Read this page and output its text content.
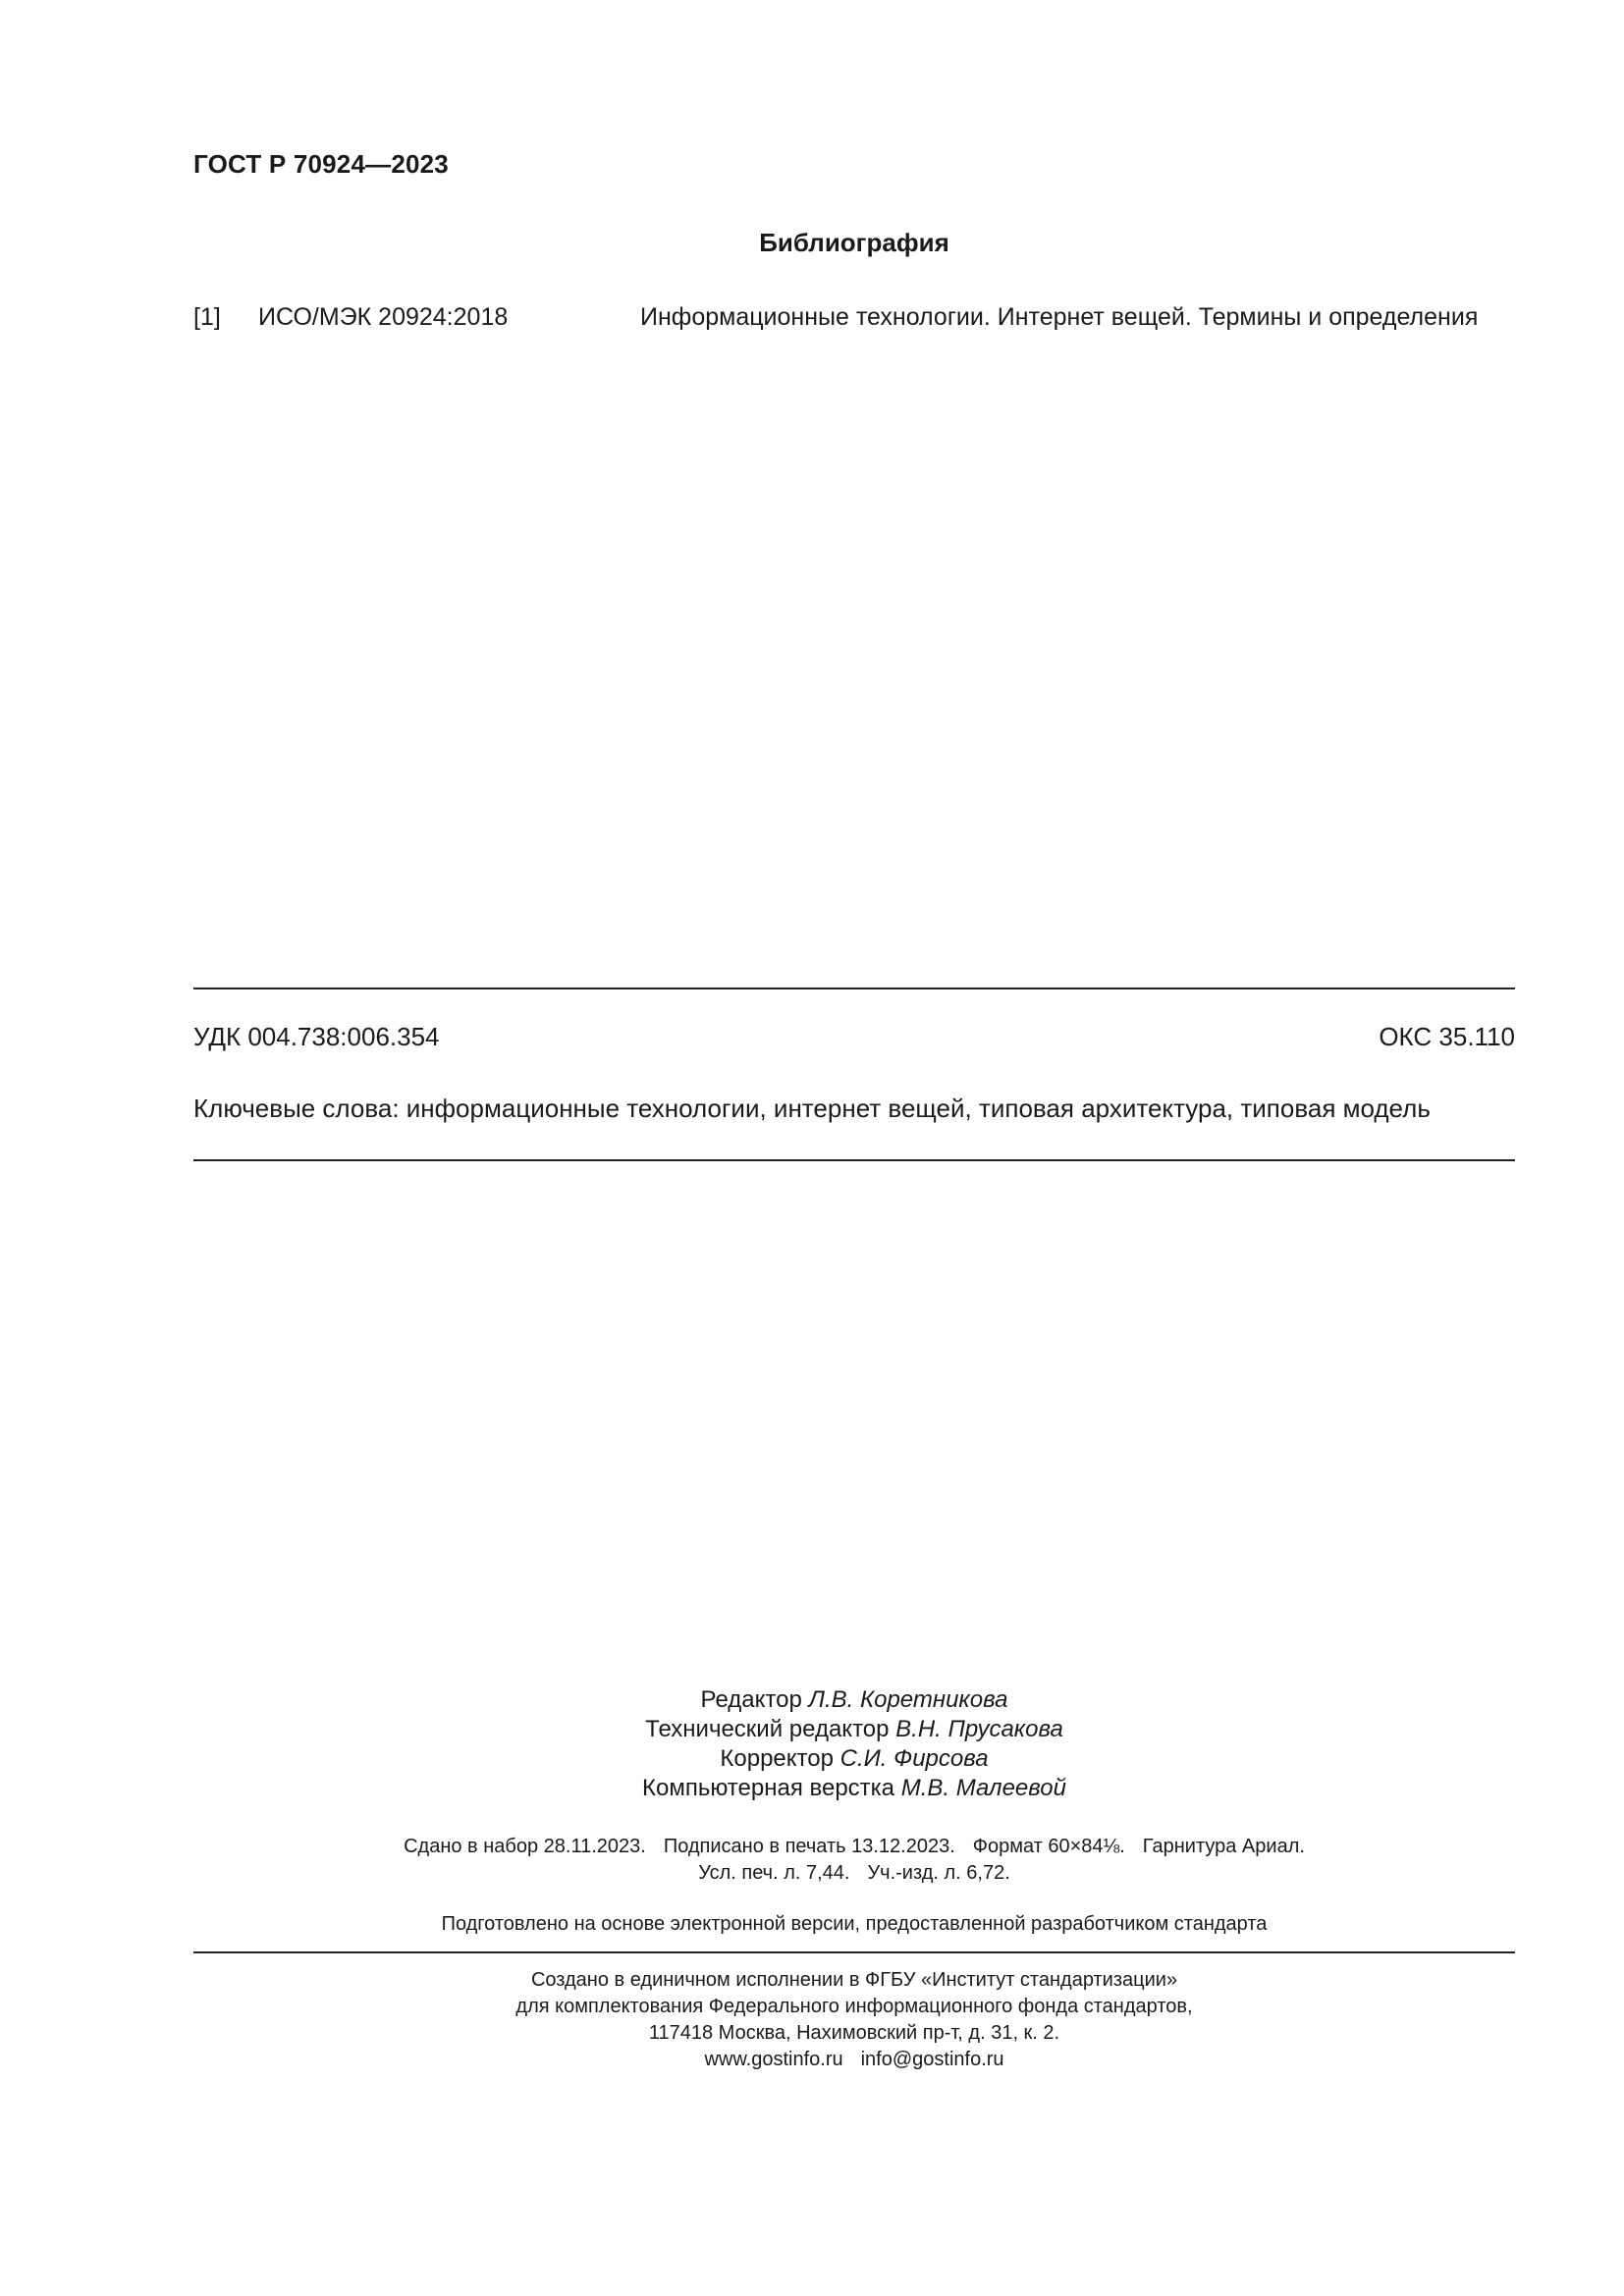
ГОСТ Р 70924—2023
Библиография
[1] ИСО/МЭК 20924:2018	Информационные технологии. Интернет вещей. Термины и определения
УДК 004.738:006.354	ОКС 35.110
Ключевые слова: информационные технологии, интернет вещей, типовая архитектура, типовая модель
Редактор Л.В. Коретникова
Технический редактор В.Н. Прусакова
Корректор С.И. Фирсова
Компьютерная верстка М.В. Малеевой
Сдано в набор 28.11.2023. Подписано в печать 13.12.2023. Формат 60×84⅛. Гарнитура Ариал.
Усл. печ. л. 7,44. Уч.-изд. л. 6,72.
Подготовлено на основе электронной версии, предоставленной разработчиком стандарта
Создано в единичном исполнении в ФГБУ «Институт стандартизации»
для комплектования Федерального информационного фонда стандартов,
117418 Москва, Нахимовский пр-т, д. 31, к. 2.
www.gostinfo.ru info@gostinfo.ru
